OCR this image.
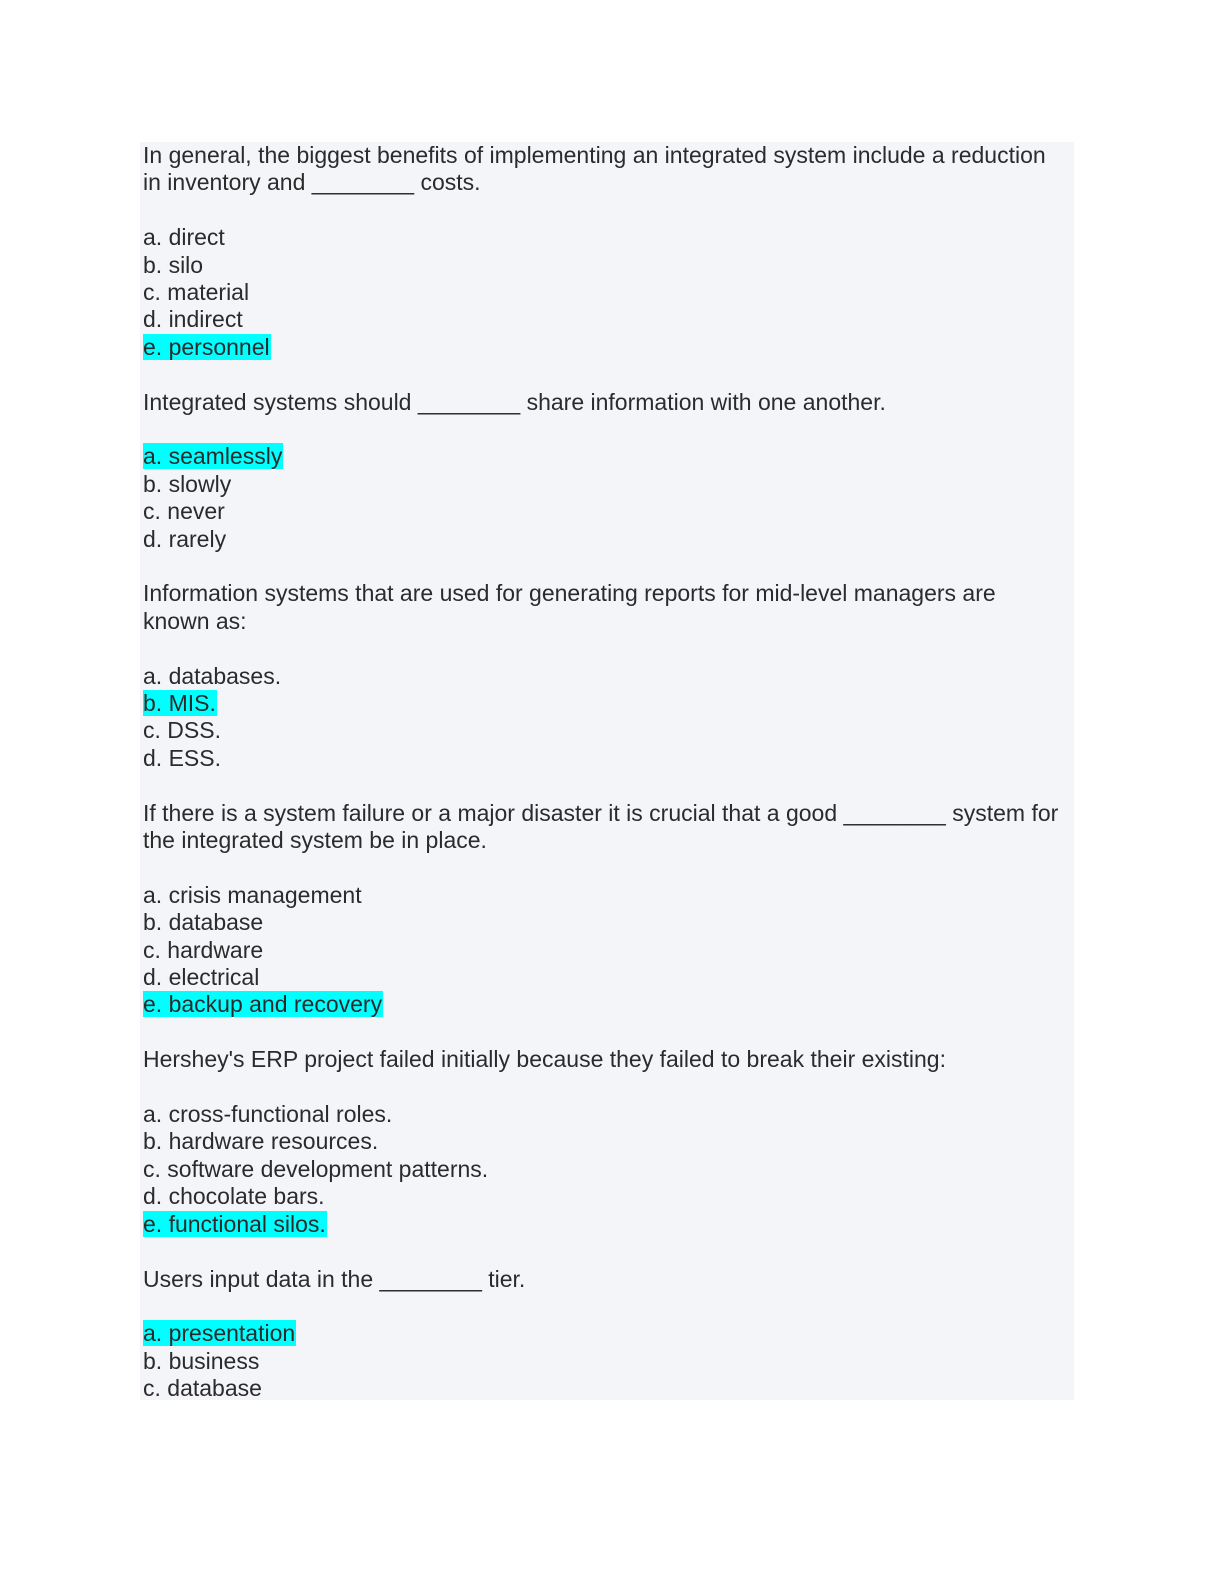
In general, the biggest benefits of implementing an integrated system include a reduction in inventory and ________ costs.

a. direct

b. silo

c. material

d. indirect

e. personnel

Integrated systems should ________ share information with one another.

a. seamlessly

b. slowly

c. never

d. rarely

Information systems that are used for generating reports for mid-level managers are known as:

a. databases.

b. MIS.

c. DSS.

d. ESS.

If there is a system failure or a major disaster it is crucial that a good ________ system for the integrated system be in place.

a. crisis management

b. database

c. hardware

d. electrical

e. backup and recovery

Hershey's ERP project failed initially because they failed to break their existing:

a. cross-functional roles.

b. hardware resources.

c. software development patterns.

d. chocolate bars.

e. functional silos.

Users input data in the ________ tier.

a. presentation

b. business

c. database
